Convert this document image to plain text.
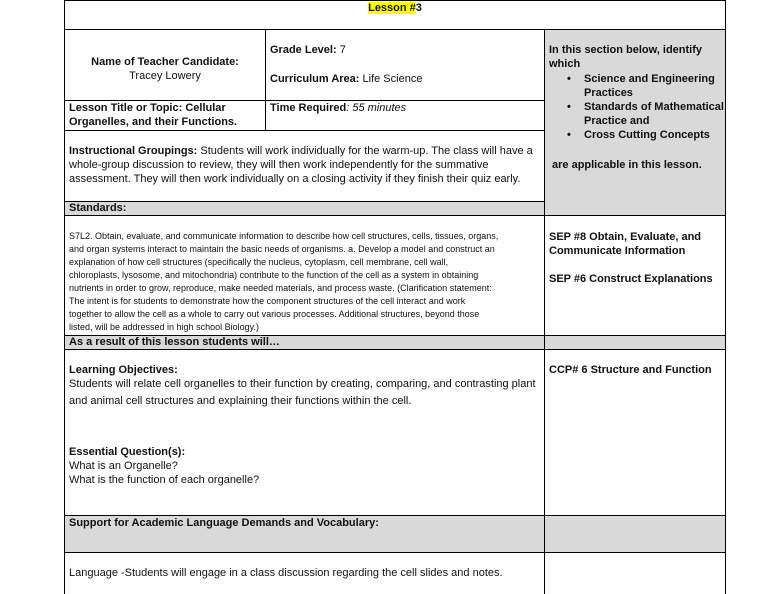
Lesson #3
Name of Teacher Candidate:
Tracey Lowery
Grade Level: 7
Curriculum Area: Life Science
Lesson Title or Topic: Cellular
Organelles, and their Functions.
Time Required: 55 minutes
In this section below, identify
which
• Science and Engineering
Practices
• Standards of Mathematical
Practice and
• Cross Cutting Concepts
are applicable in this lesson.
Instructional Groupings: Students will work individually for the warm-up. The class will have a
whole-group discussion to review, they will then work independently for the summative
assessment. They will then work individually on a closing activity if they finish their quiz early.
Standards:
S7L2. Obtain, evaluate, and communicate information to describe how cell structures, cells, tissues, organs,
and organ systems interact to maintain the basic needs of organisms. a. Develop a model and construct an
explanation of how cell structures (specifically the nucleus, cytoplasm, cell membrane, cell wall,
chloroplasts, lysosome, and mitochondria) contribute to the function of the cell as a system in obtaining
nutrients in order to grow, reproduce, make needed materials, and process waste. (Clarification statement:
The intent is for students to demonstrate how the component structures of the cell interact and work
together to allow the cell as a whole to carry out various processes. Additional structures, beyond those
listed, will be addressed in high school Biology.)
SEP #8 Obtain, Evaluate, and
Communicate Information
SEP #6 Construct Explanations
As a result of this lesson students will…
Learning Objectives:
Students will relate cell organelles to their function by creating, comparing, and contrasting plant
and animal cell structures and explaining their functions within the cell.
CCP# 6 Structure and Function
Essential Question(s):
What is an Organelle?
What is the function of each organelle?
Support for Academic Language Demands and Vocabulary:
Language -Students will engage in a class discussion regarding the cell slides and notes.
